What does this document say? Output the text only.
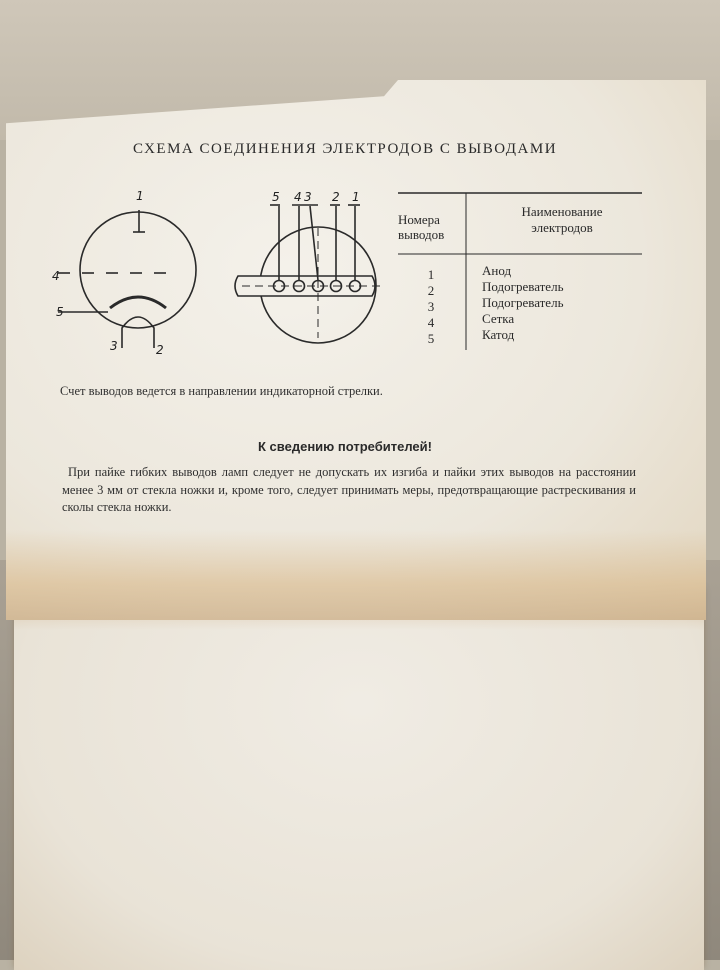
СХЕМА СОЕДИНЕНИЯ ЭЛЕКТРОДОВ С ВЫВОДАМИ
1
4
5
3	2
5 4 3 2 1
Номера
выводов
Наименование
электродов
1
2
3
4
5
Анод
Подогреватель
Подогреватель
Сетка
Катод
Счет выводов ведется в направлении индикаторной стрелки.
К сведению потребителей!
При пайке гибких выводов ламп следует не допускать их изгиба и пайки этих выводов на расстоянии менее 3 мм от стекла ножки и, кроме того, следует принимать меры, предотвращающие растрескивания и сколы стекла ножки.
